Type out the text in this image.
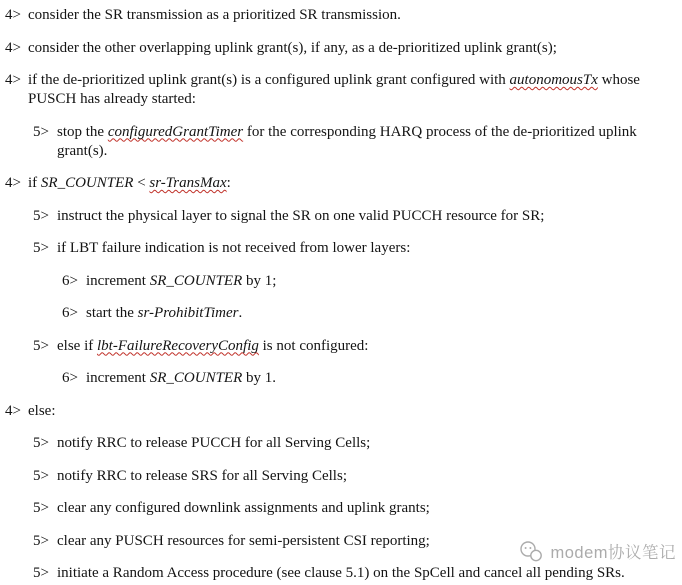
4> consider the SR transmission as a prioritized SR transmission.
4> consider the other overlapping uplink grant(s), if any, as a de-prioritized uplink grant(s);
4> if the de-prioritized uplink grant(s) is a configured uplink grant configured with autonomousTx whose
PUSCH has already started:
5> stop the configuredGrantTimer for the corresponding HARQ process of the de-prioritized uplink
grant(s).
4> if SR_COUNTER < sr-TransMax:
5> instruct the physical layer to signal the SR on one valid PUCCH resource for SR;
5> if LBT failure indication is not received from lower layers:
6> increment SR_COUNTER by 1;
6> start the sr-ProhibitTimer.
5> else if lbt-FailureRecoveryConfig is not configured:
6> increment SR_COUNTER by 1.
4> else:
5> notify RRC to release PUCCH for all Serving Cells;
5> notify RRC to release SRS for all Serving Cells;
5> clear any configured downlink assignments and uplink grants;
5> clear any PUSCH resources for semi-persistent CSI reporting;
5> initiate a Random Access procedure (see clause 5.1) on the SpCell and cancel all pending SRs.
modem协议笔记
